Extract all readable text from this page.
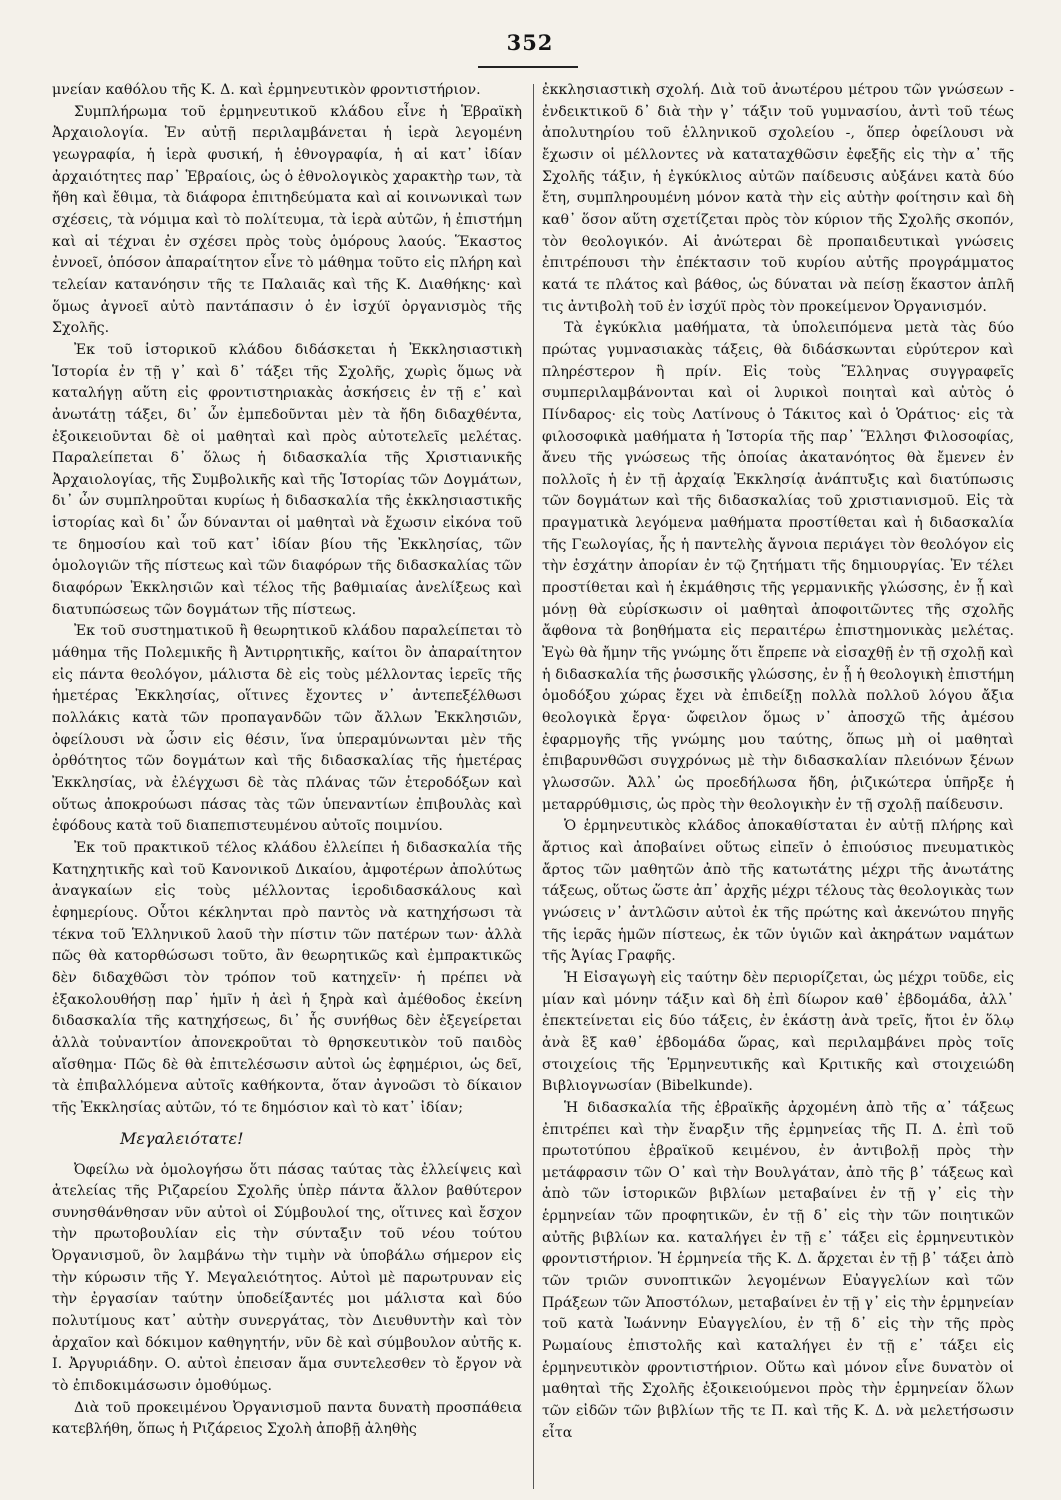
352

μνείαν καθόλου τῆς Κ. Δ. καὶ ἑρμηνευτικὸν φροντιστήριον.

Συμπλήρωμα τοῦ ἑρμηνευτικοῦ κλάδου εἶνε ἡ Ἑβραϊκὴ Ἀρχαιολογία. Ἐν αὐτῇ περιλαμβάνεται ἡ ἱερὰ λεγομένη γεωγραφία, ἡ ἱερὰ φυσική, ἡ ἐθνογραφία, ἡ αἱ κατ᾽ ἰδίαν ἀρχαιότητες παρ᾽ Ἑβραίοις, ὡς ὁ ἐθνολογικὸς χαρακτὴρ των, τὰ ἤθη καὶ ἔθιμα, τὰ διάφορα ἐπιτηδεύματα καὶ αἱ κοινωνικαὶ των σχέσεις, τὰ νόμιμα καὶ τὸ πολίτευμα, τὰ ἱερὰ αὐτῶν, ἡ ἐπιστήμη καὶ αἱ τέχναι ἐν σχέσει πρὸς τοὺς ὁμόρους λαούς. Ἕκαστος ἐννοεῖ, ὁπόσον ἀπαραίτητον εἶνε τὸ μάθημα τοῦτο εἰς πλήρη καὶ τελείαν κατανόησιν τῆς τε Παλαιᾶς καὶ τῆς Κ. Διαθήκης· καὶ ὅμως ἀγνοεῖ αὐτὸ παντάπασιν ὁ ἐν ἰσχύϊ ὀργανισμὸς τῆς Σχολῆς.

Ἐκ τοῦ ἱστορικοῦ κλάδου διδάσκεται ἡ Ἐκκλησιαστικὴ Ἱστορία ἐν τῇ γ᾽ καὶ δ᾽ τάξει τῆς Σχολῆς, χωρὶς ὅμως νὰ καταλήγῃ αὕτη εἰς φροντιστηριακὰς ἀσκήσεις ἐν τῇ ε᾽ καὶ ἀνωτάτῃ τάξει, δι᾽ ὧν ἐμπεδοῦνται μὲν τὰ ἤδη διδαχθέντα, ἐξοικειοῦνται δὲ οἱ μαθηταὶ καὶ πρὸς αὐτοτελεῖς μελέτας. Παραλείπεται δ᾽ ὅλως ἡ διδασκαλία τῆς Χριστιανικῆς Ἀρχαιολογίας, τῆς Συμβολικῆς καὶ τῆς Ἱστορίας τῶν Δογμάτων, δι᾽ ὧν συμπληροῦται κυρίως ἡ διδασκαλία τῆς ἐκκλησιαστικῆς ἱστορίας καὶ δι᾽ ὧν δύνανται οἱ μαθηταὶ νὰ ἔχωσιν εἰκόνα τοῦ τε δημοσίου καὶ τοῦ κατ᾽ ἰδίαν βίου τῆς Ἐκκλησίας, τῶν ὁμολογιῶν τῆς πίστεως καὶ τῶν διαφόρων τῆς διδασκαλίας τῶν διαφόρων Ἐκκλησιῶν καὶ τέλος τῆς βαθμιαίας ἀνελίξεως καὶ διατυπώσεως τῶν δογμάτων τῆς πίστεως.

Ἐκ τοῦ συστηματικοῦ ἢ θεωρητικοῦ κλάδου παραλείπεται τὸ μάθημα τῆς Πολεμικῆς ἢ Ἀντιρρητικῆς, καίτοι ὂν ἀπαραίτητον εἰς πάντα θεολόγον, μάλιστα δὲ εἰς τοὺς μέλλοντας ἱερεῖς τῆς ἡμετέρας Ἐκκλησίας, οἵτινες ἔχοντες ν᾽ ἀντεπεξέλθωσι πολλάκις κατὰ τῶν προπαγανδῶν τῶν ἄλλων Ἐκκλησιῶν, ὀφείλουσι νὰ ὦσιν εἰς θέσιν, ἵνα ὑπεραμύνωνται μὲν τῆς ὀρθότητος τῶν δογμάτων καὶ τῆς διδασκαλίας τῆς ἡμετέρας Ἐκκλησίας, νὰ ἐλέγχωσι δὲ τὰς πλάνας τῶν ἑτεροδόξων καὶ οὕτως ἀποκρούωσι πάσας τὰς τῶν ὑπεναντίων ἐπιβουλὰς καὶ ἐφόδους κατὰ τοῦ διαπεπιστευμένου αὐτοῖς ποιμνίου.

Ἐκ τοῦ πρακτικοῦ τέλος κλάδου ἐλλείπει ἡ διδασκαλία τῆς Κατηχητικῆς καὶ τοῦ Κανονικοῦ Δικαίου, ἀμφοτέρων ἀπολύτως ἀναγκαίων εἰς τοὺς μέλλοντας ἱεροδιδασκάλους καὶ ἐφημερίους. Οὗτοι κέκληνται πρὸ παντὸς νὰ κατηχήσωσι τὰ τέκνα τοῦ Ἑλληνικοῦ λαοῦ τὴν πίστιν τῶν πατέρων των· ἀλλὰ πῶς θὰ κατορθώσωσι τοῦτο, ἂν θεωρητικῶς καὶ ἐμπρακτικῶς δὲν διδαχθῶσι τὸν τρόπον τοῦ κατηχεῖν· ἡ πρέπει νὰ ἐξακολουθήσῃ παρ᾽ ἡμῖν ἡ ἀεὶ ἡ ξηρὰ καὶ ἀμέθοδος ἐκείνη διδασκαλία τῆς κατηχήσεως, δι᾽ ἧς συνήθως δὲν ἐξεγείρεται ἀλλὰ τοὐναντίον ἀπονεκροῦται τὸ θρησκευτικὸν τοῦ παιδὸς αἴσθημα· Πῶς δὲ θὰ ἐπιτελέσωσιν αὐτοὶ ὡς ἐφημέριοι, ὡς δεῖ, τὰ ἐπιβαλλόμενα αὐτοῖς καθήκοντα, ὅταν ἀγνοῶσι τὸ δίκαιον τῆς Ἐκκλησίας αὐτῶν, τό τε δημόσιον καὶ τὸ κατ᾽ ἰδίαν;

Μεγαλειότατε!

Ὀφείλω νὰ ὁμολογήσω ὅτι πάσας ταύτας τὰς ἐλλείψεις καὶ ἀτελείας τῆς Ριζαρείου Σχολῆς ὑπὲρ πάντα ἄλλον βαθύτερον συνησθάνθησαν νῦν αὐτοὶ οἱ Σύμβουλοί της, οἵτινες καὶ ἔσχον τὴν πρωτοβουλίαν εἰς τὴν σύνταξιν τοῦ νέου τούτου Ὀργανισμοῦ, ὃν λαμβάνω τὴν τιμὴν νὰ ὑποβάλω σήμερον εἰς τὴν κύρωσιν τῆς Υ. Μεγαλειότητος. Αὐτοὶ μὲ παρωτρυναν εἰς τὴν ἐργασίαν ταύτην ὑποδείξαντές μοι μάλιστα καὶ δύο πολυτίμους κατ᾽ αὐτὴν συνεργάτας, τὸν Διευθυντὴν καὶ τὸν ἀρχαῖον καὶ δόκιμον καθηγητήν, νῦν δὲ καὶ σύμβουλον αὐτῆς κ. Ι. Ἀργυριάδην. Ο. αὐτοὶ ἐπεισαν ἅμα συντελεσθεν τὸ ἔργον νὰ τὸ ἐπιδοκιμάσωσιν ὁμοθύμως.

Διὰ τοῦ προκειμένου Ὀργανισμοῦ παντα δυνατὴ προσπάθεια κατεβλήθη, ὅπως ἡ Ριζάρειος Σχολὴ ἀποβῇ ἀληθὴς

ἐκκλησιαστικὴ σχολή. Διὰ τοῦ ἀνωτέρου μέτρου τῶν γνώσεων - ἐνδεικτικοῦ δ᾽ διὰ τὴν γ᾽ τάξιν τοῦ γυμνασίου, ἀντὶ τοῦ τέως ἀπολυτηρίου τοῦ ἑλληνικοῦ σχολείου -, ὅπερ ὀφείλουσι νὰ ἔχωσιν οἱ μέλλοντες νὰ καταταχθῶσιν ἐφεξῆς εἰς τὴν α᾽ τῆς Σχολῆς τάξιν, ἡ ἐγκύκλιος αὐτῶν παίδευσις αὐξάνει κατὰ δύο ἔτη, συμπληρουμένη μόνον κατὰ τὴν εἰς αὐτὴν φοίτησιν καὶ δὴ καθ᾽ ὅσον αὕτη σχετίζεται πρὸς τὸν κύριον τῆς Σχολῆς σκοπόν, τὸν θεολογικόν. Αἱ ἀνώτεραι δὲ προπαιδευτικαὶ γνώσεις ἐπιτρέπουσι τὴν ἐπέκτασιν τοῦ κυρίου αὐτῆς προγράμματος κατά τε πλάτος καὶ βάθος, ὡς δύναται νὰ πείσῃ ἕκαστον ἁπλῆ τις ἀντιβολὴ τοῦ ἐν ἰσχύϊ πρὸς τὸν προκείμενον Ὀργανισμόν.

Τὰ ἐγκύκλια μαθήματα, τὰ ὑπολειπόμενα μετὰ τὰς δύο πρώτας γυμνασιακὰς τάξεις, θὰ διδάσκωνται εὐρύτερον καὶ πληρέστερον ἢ πρίν. Εἰς τοὺς Ἕλληνας συγγραφεῖς συμπεριλαμβάνονται καὶ οἱ λυρικοὶ ποιηταὶ καὶ αὐτὸς ὁ Πίνδαρος· εἰς τοὺς Λατίνους ὁ Τάκιτος καὶ ὁ Ὁράτιος· εἰς τὰ φιλοσοφικὰ μαθήματα ἡ Ἱστορία τῆς παρ᾽ Ἕλλησι Φιλοσοφίας, ἄνευ τῆς γνώσεως τῆς ὁποίας ἀκατανόητος θὰ ἔμενεν ἐν πολλοῖς ἡ ἐν τῇ ἀρχαίᾳ Ἐκκλησίᾳ ἀνάπτυξις καὶ διατύπωσις τῶν δογμάτων καὶ τῆς διδασκαλίας τοῦ χριστιανισμοῦ. Εἰς τὰ πραγματικὰ λεγόμενα μαθήματα προστίθεται καὶ ἡ διδασκαλία τῆς Γεωλογίας, ἧς ἡ παντελὴς ἄγνοια περιάγει τὸν θεολόγον εἰς τὴν ἐσχάτην ἀπορίαν ἐν τῷ ζητήματι τῆς δημιουργίας. Ἐν τέλει προστίθεται καὶ ἡ ἐκμάθησις τῆς γερμανικῆς γλώσσης, ἐν ᾗ καὶ μόνῃ θὰ εὑρίσκωσιν οἱ μαθηταὶ ἀποφοιτῶντες τῆς σχολῆς ἄφθονα τὰ βοηθήματα εἰς περαιτέρω ἐπιστημονικὰς μελέτας. Ἐγὼ θὰ ἤμην τῆς γνώμης ὅτι ἔπρεπε νὰ εἰσαχθῇ ἐν τῇ σχολῇ καὶ ἡ διδασκαλία τῆς ῥωσσικῆς γλώσσης, ἐν ᾗ ἡ θεολογικὴ ἐπιστήμη ὁμοδόξου χώρας ἔχει νὰ ἐπιδείξῃ πολλὰ πολλοῦ λόγου ἄξια θεολογικὰ ἔργα· ὤφειλον ὅμως ν᾽ ἀποσχῶ τῆς ἀμέσου ἐφαρμογῆς τῆς γνώμης μου ταύτης, ὅπως μὴ οἱ μαθηταὶ ἐπιβαρυνθῶσι συγχρόνως μὲ τὴν διδασκαλίαν πλειόνων ξένων γλωσσῶν. Ἀλλ᾽ ὡς προεδήλωσα ἤδη, ῥιζικώτερα ὑπῆρξε ἡ μεταρρύθμισις, ὡς πρὸς τὴν θεολογικὴν ἐν τῇ σχολῇ παίδευσιν.

Ὁ ἑρμηνευτικὸς κλάδος ἀποκαθίσταται ἐν αὐτῇ πλήρης καὶ ἄρτιος καὶ ἀποβαίνει οὕτως εἰπεῖν ὁ ἐπιούσιος πνευματικὸς ἄρτος τῶν μαθητῶν ἀπὸ τῆς κατωτάτης μέχρι τῆς ἀνωτάτης τάξεως, οὕτως ὥστε ἀπ᾽ ἀρχῆς μέχρι τέλους τὰς θεολογικὰς των γνώσεις ν᾽ ἀντλῶσιν αὐτοὶ ἐκ τῆς πρώτης καὶ ἀκενώτου πηγῆς τῆς ἱερᾶς ἡμῶν πίστεως, ἐκ τῶν ὑγιῶν καὶ ἀκηράτων ναμάτων τῆς Ἁγίας Γραφῆς.

Ἡ Εἰσαγωγὴ εἰς ταύτην δὲν περιορίζεται, ὡς μέχρι τοῦδε, εἰς μίαν καὶ μόνην τάξιν καὶ δὴ ἐπὶ δίωρον καθ᾽ ἑβδομάδα, ἀλλ᾽ ἐπεκτείνεται εἰς δύο τάξεις, ἐν ἑκάστῃ ἀνὰ τρεῖς, ἤτοι ἐν ὅλῳ ἀνὰ ἓξ καθ᾽ ἑβδομάδα ὥρας, καὶ περιλαμβάνει πρὸς τοῖς στοιχείοις τῆς Ἑρμηνευτικῆς καὶ Κριτικῆς καὶ στοιχειώδη Βιβλιογνωσίαν (Bibelkunde).

Ἡ διδασκαλία τῆς ἑβραϊκῆς ἀρχομένη ἀπὸ τῆς α᾽ τάξεως ἐπιτρέπει καὶ τὴν ἔναρξιν τῆς ἑρμηνείας τῆς Π. Δ. ἐπὶ τοῦ πρωτοτύπου ἑβραϊκοῦ κειμένου, ἐν ἀντιβολῇ πρὸς τὴν μετάφρασιν τῶν Ο᾽ καὶ τὴν Βουλγάταν, ἀπὸ τῆς β᾽ τάξεως καὶ ἀπὸ τῶν ἱστορικῶν βιβλίων μεταβαίνει ἐν τῇ γ᾽ εἰς τὴν ἑρμηνείαν τῶν προφητικῶν, ἐν τῇ δ᾽ εἰς τὴν τῶν ποιητικῶν αὐτῆς βιβλίων κα. καταλήγει ἐν τῇ ε᾽ τάξει εἰς ἑρμηνευτικὸν φροντιστήριον. Ἡ ἑρμηνεία τῆς Κ. Δ. ἄρχεται ἐν τῇ β᾽ τάξει ἀπὸ τῶν τριῶν συνοπτικῶν λεγομένων Εὐαγγελίων καὶ τῶν Πράξεων τῶν Ἀποστόλων, μεταβαίνει ἐν τῇ γ᾽ εἰς τὴν ἑρμηνείαν τοῦ κατὰ Ἰωάννην Εὐαγγελίου, ἐν τῇ δ᾽ εἰς τὴν τῆς πρὸς Ρωμαίους ἐπιστολῆς καὶ καταλήγει ἐν τῇ ε᾽ τάξει εἰς ἑρμηνευτικὸν φροντιστήριον. Οὕτω καὶ μόνον εἶνε δυνατὸν οἱ μαθηταὶ τῆς Σχολῆς ἐξοικειούμενοι πρὸς τὴν ἑρμηνείαν ὅλων τῶν εἰδῶν τῶν βιβλίων τῆς τε Π. καὶ τῆς Κ. Δ. νὰ μελετήσωσιν εἶτα
